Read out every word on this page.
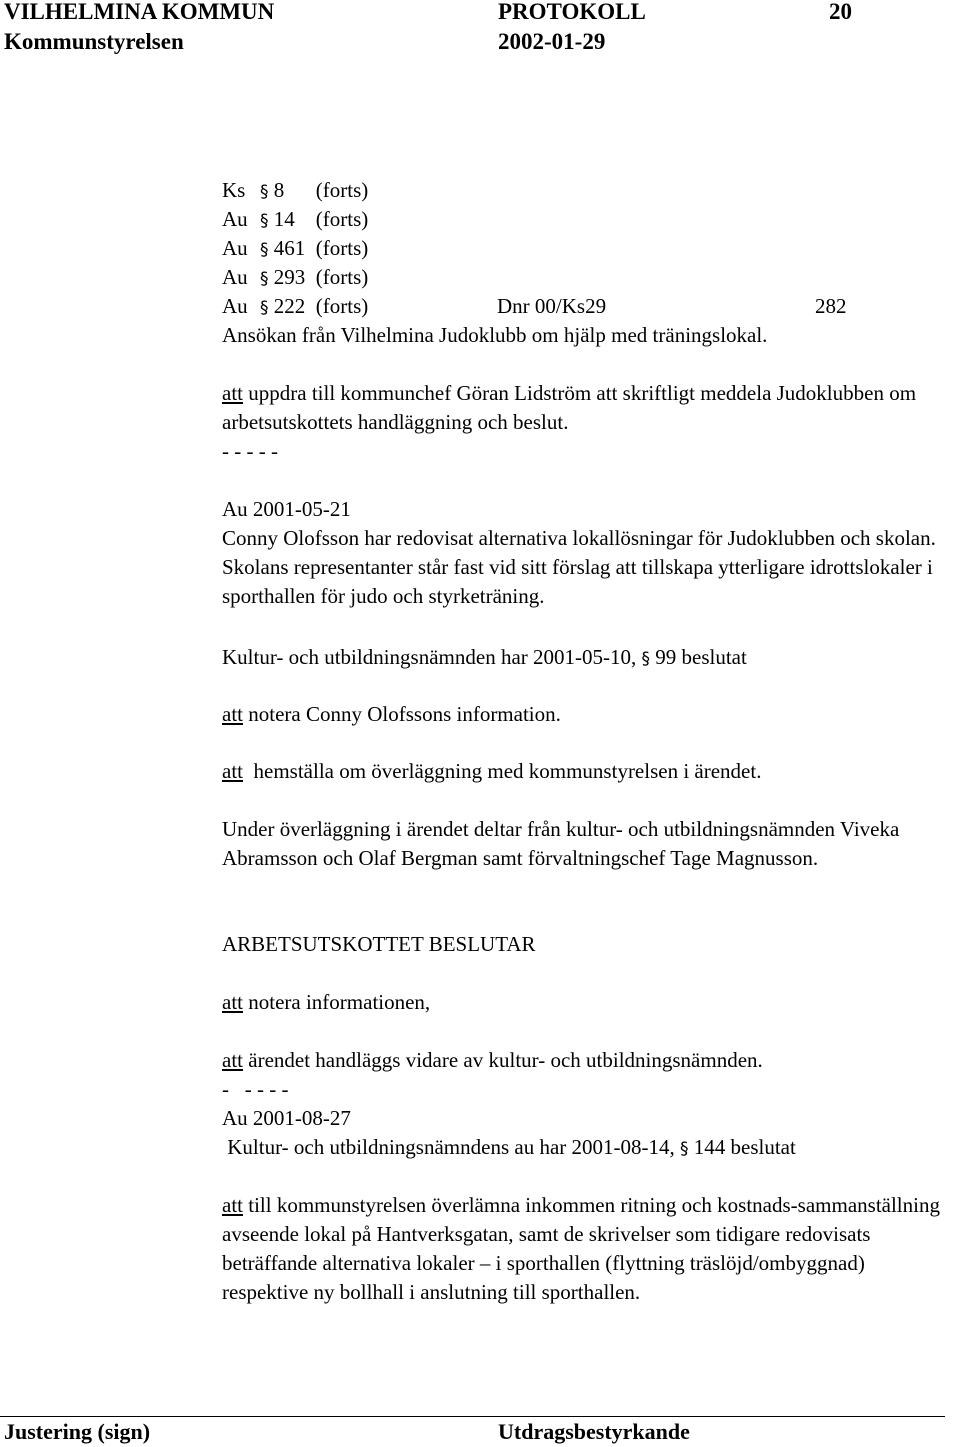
VILHELMINA KOMMUN	PROTOKOLL	20
Kommunstyrelsen	2002-01-29
Ks § 8 (forts)
Au § 14 (forts)
Au § 461 (forts)
Au § 293 (forts)
Au § 222 (forts)	Dnr 00/Ks29	282
Ansökan från Vilhelmina Judoklubb om hjälp med träningslokal.
att uppdra till kommunchef Göran Lidström att skriftligt meddela Judoklubben om arbetsutskottets handläggning och beslut.
- - - - -
Au 2001-05-21
Conny Olofsson har redovisat alternativa lokallösningar för Judoklubben och skolan. Skolans representanter står fast vid sitt förslag att tillskapa ytterligare idrottslokaler i sporthallen för judo och styrketräning.
Kultur- och utbildningsnämnden har 2001-05-10, § 99 beslutat
att notera Conny Olofssons information.
att  hemställa om överläggning med kommunstyrelsen i ärendet.
Under överläggning i ärendet deltar från kultur- och utbildningsnämnden Viveka Abramsson och Olaf Bergman samt förvaltningschef Tage Magnusson.
ARBETSUTSKOTTET BESLUTAR
att notera informationen,
att ärendet handläggs vidare av kultur- och utbildningsnämnden.
-   - - - -
Au 2001-08-27
Kultur- och utbildningsnämndens au har 2001-08-14, § 144 beslutat
att till kommunstyrelsen överlämna inkommen ritning och kostnads-sammanställning avseende lokal på Hantverksgatan, samt de skrivelser som tidigare redovisats beträffande alternativa lokaler – i sporthallen (flyttning träslöjd/ombyggnad) respektive ny bollhall i anslutning till sporthallen.
Justering (sign)	Utdragsbestyrkande
